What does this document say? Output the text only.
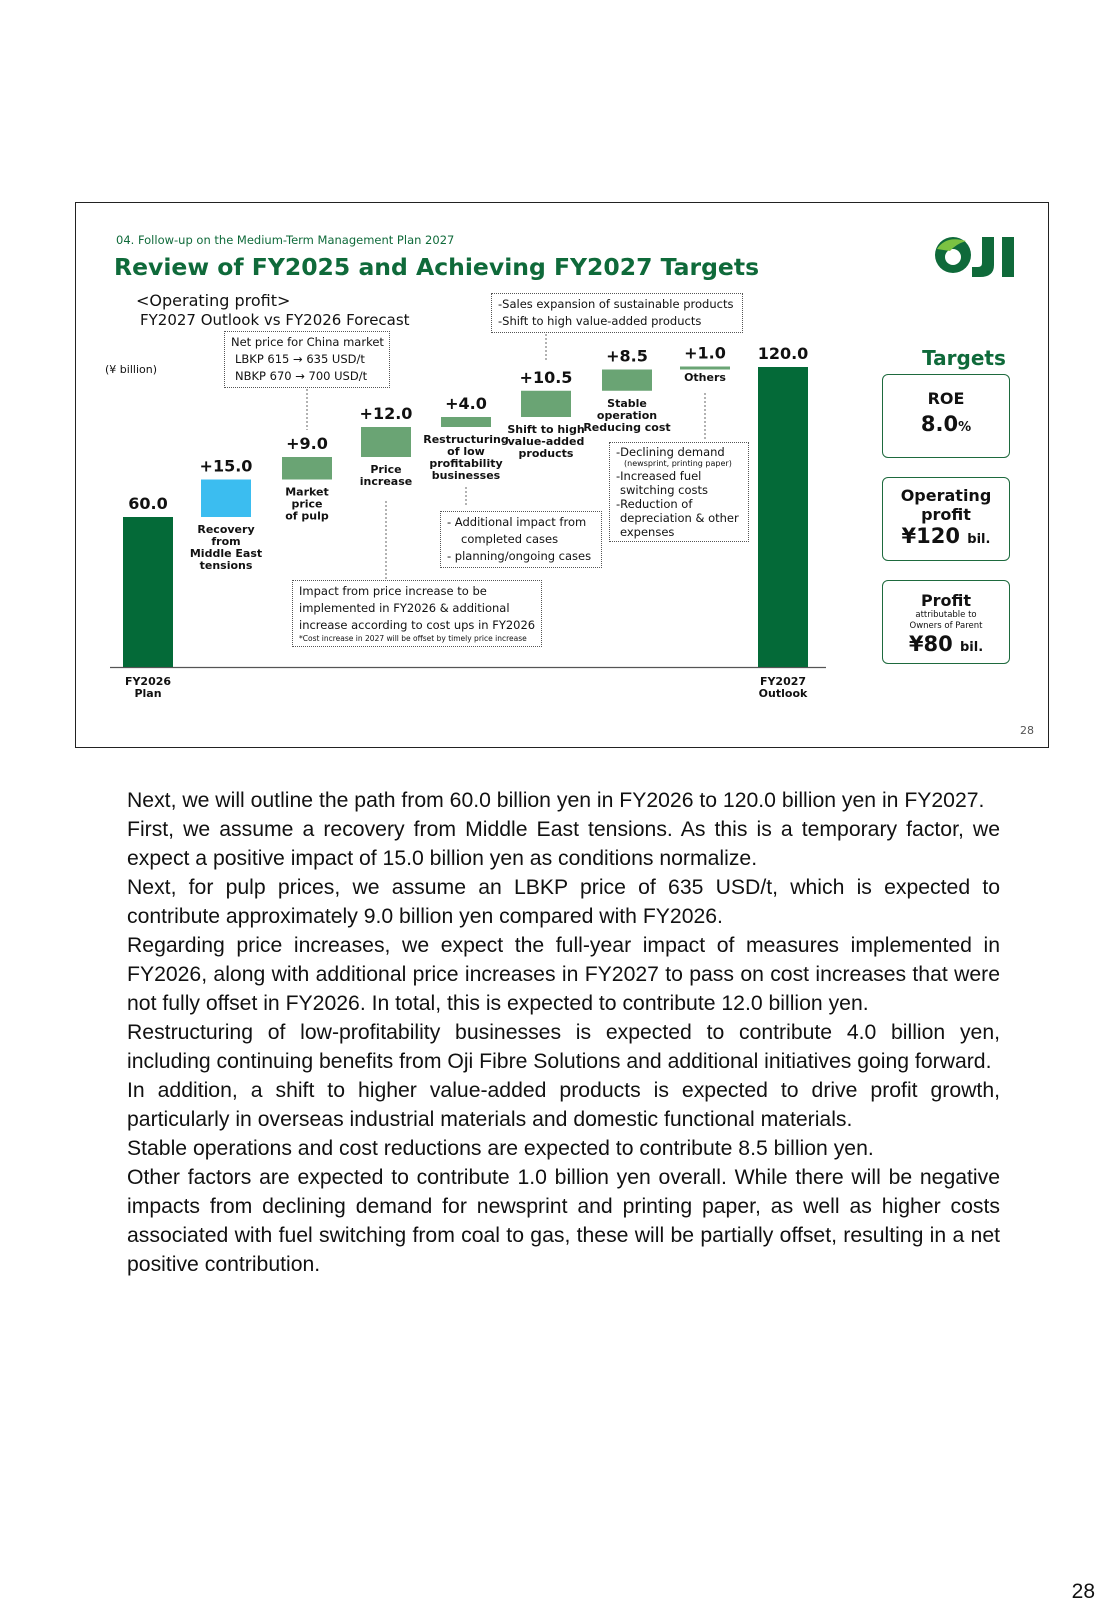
04. Follow-up on the Medium-Term Management Plan 2027
Review of FY2025 and Achieving FY2027 Targets
<Operating profit>
FY2027 Outlook vs FY2026 Forecast
(¥ billion)
60.0
FY2026
Plan
+15.0
Recovery
from
Middle East
tensions
+9.0
Market
price
of pulp
+12.0
Price
increase
+4.0
Restructuring
of low
profitability
businesses
+10.5
Shift to high
value-added
products
+8.5
Stable
operation
Reducing cost
+1.0
Others
120.0
FY2027
Outlook
Net price for China market
LBKP 615 → 635 USD/t
NBKP 670 → 700 USD/t
-Sales expansion of sustainable products
-Shift to high value-added products
- Additional impact from
completed cases
- planning/ongoing cases
-Declining demand
(newsprint, printing paper)
-Increased fuel
switching costs
-Reduction of
depreciation & other
expenses
Impact from price increase to be
implemented in FY2026 & additional
increase according to cost ups in FY2026
*Cost increase in 2027 will be offset by timely price increase
Targets
ROE
8.0%
Operating
profit
¥120 bil.
Profit
attributable to
Owners of Parent
¥80 bil.
28

Next, we will outline the path from 60.0 billion yen in FY2026 to 120.0 billion yen in FY2027.

First, we assume a recovery from Middle East tensions. As this is a temporary factor, we expect a positive impact of 15.0 billion yen as conditions normalize.

Next, for pulp prices, we assume an LBKP price of 635 USD/t, which is expected to contribute approximately 9.0 billion yen compared with FY2026.

Regarding price increases, we expect the full-year impact of measures implemented in FY2026, along with additional price increases in FY2027 to pass on cost increases that were not fully offset in FY2026. In total, this is expected to contribute 12.0 billion yen.

Restructuring of low-profitability businesses is expected to contribute 4.0 billion yen, including continuing benefits from Oji Fibre Solutions and additional initiatives going forward.

In addition, a shift to higher value-added products is expected to drive profit growth, particularly in overseas industrial materials and domestic functional materials.

Stable operations and cost reductions are expected to contribute 8.5 billion yen.

Other factors are expected to contribute 1.0 billion yen overall. While there will be negative impacts from declining demand for newsprint and printing paper, as well as higher costs associated with fuel switching from coal to gas, these will be partially offset, resulting in a net positive contribution.

28
